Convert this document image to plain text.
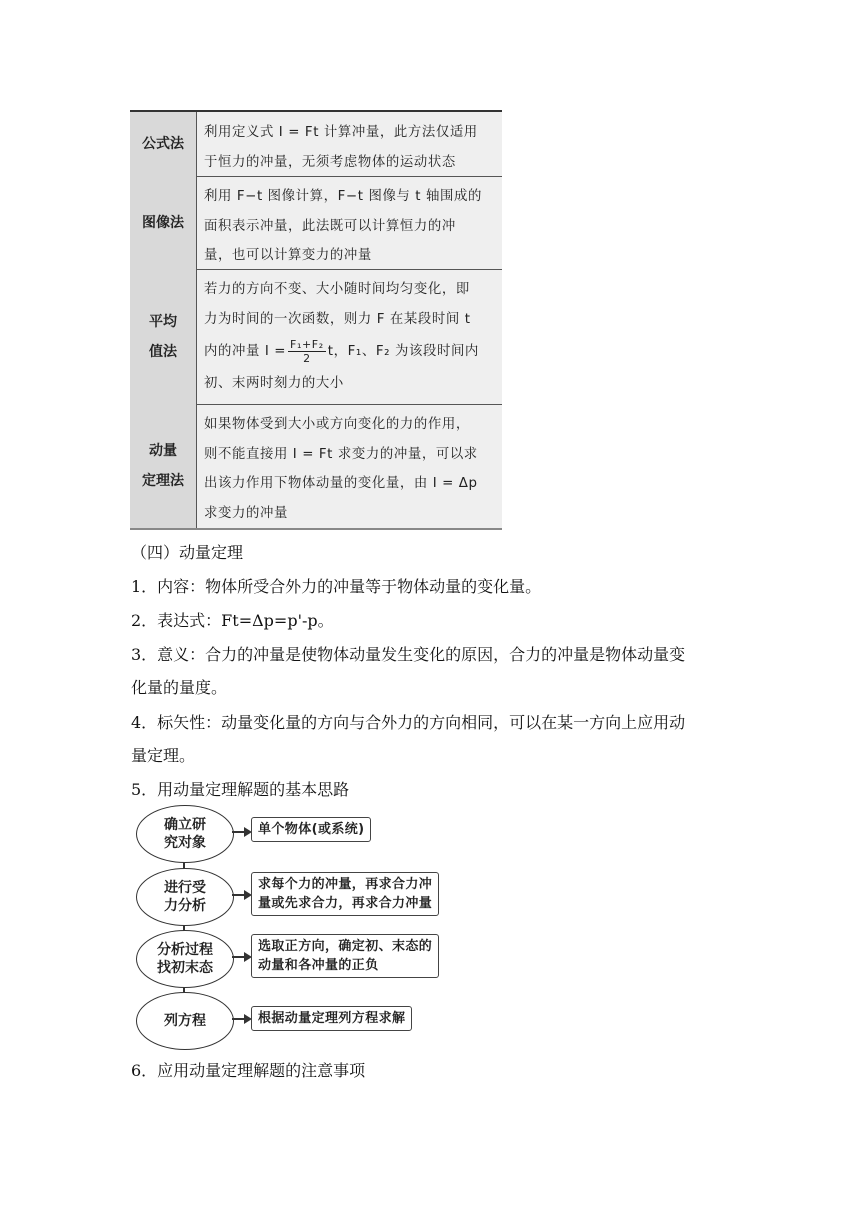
公式法
利用定义式 I = Ft 计算冲量，此方法仅适用
于恒力的冲量，无须考虑物体的运动状态
图像法
利用 F−t 图像计算，F−t 图像与 t 轴围成的
面积表示冲量，此法既可以计算恒力的冲
量，也可以计算变力的冲量
平均
值法
若力的方向不变、大小随时间均匀变化，即
力为时间的一次函数，则力 F 在某段时间 t
内的冲量 $I = \frac{\text{F₁+F₂}}{2}$ t，F₁、F₂ 为该段时间内
初、末两时刻力的大小
动量
定理法
如果物体受到大小或方向变化的力的作用，
则不能直接用 I = Ft 求变力的冲量，可以求
出该力作用下物体动量的变化量，由 I = Δp
求变力的冲量
（四）动量定理
1．内容：物体所受合外力的冲量等于物体动量的变化量。
2．表达式：Ft=Δp=p'-p。
3．意义：合力的冲量是使物体动量发生变化的原因，合力的冲量是物体动量变
化量的量度。
4．标矢性：动量变化量的方向与合外力的方向相同，可以在某一方向上应用动
量定理。
5．用动量定理解题的基本思路
确立研
究对象
单个物体(或系统)
进行受
力分析
求每个力的冲量，再求合力冲
量或先求合力，再求合力冲量
分析过程
找初末态
选取正方向，确定初、末态的
动量和各冲量的正负
列方程	根据动量定理列方程求解
6．应用动量定理解题的注意事项
